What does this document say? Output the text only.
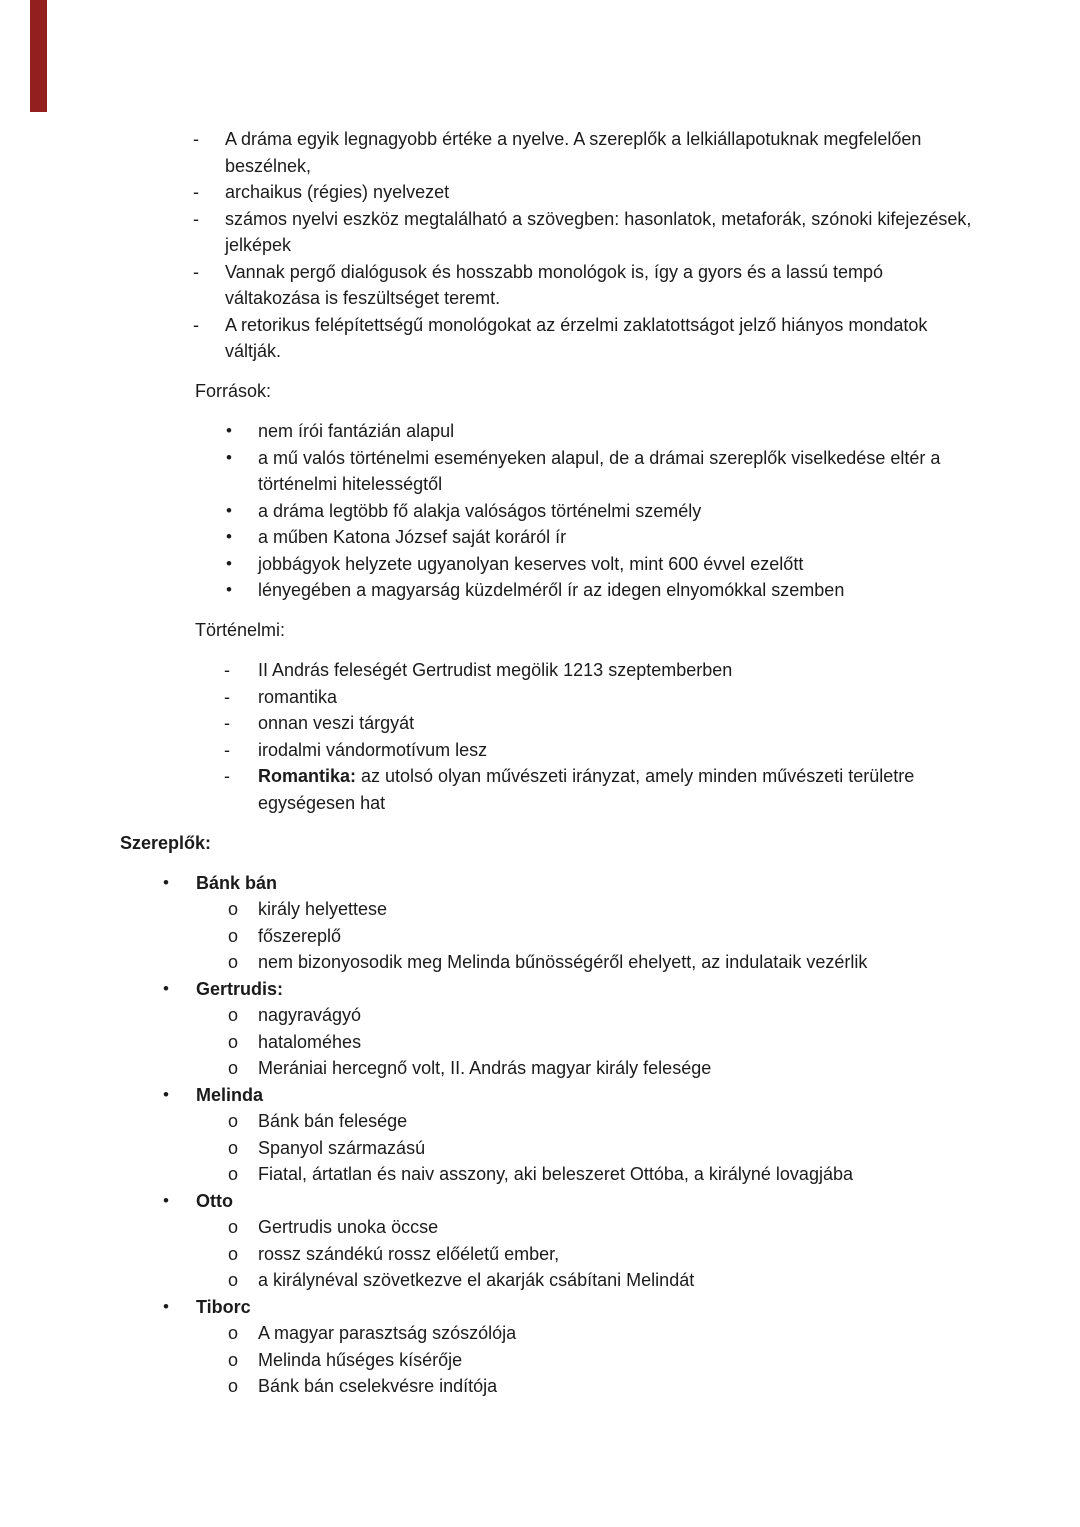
-	A dráma egyik legnagyobb értéke a nyelve. A szereplők a lelkiállapotuknak megfelelően beszélnek,
-	archaikus (régies) nyelvezet
-	számos nyelvi eszköz megtalálható a szövegben: hasonlatok, metaforák, szónoki kifejezések, jelképek
-	Vannak pergő dialógusok és hosszabb monológok is, így a gyors és a lassú tempó váltakozása is feszültséget teremt.
-	A retorikus felépítettségű monológokat az érzelmi zaklatottságot jelző hiányos mondatok váltják.
Források:
•	nem írói fantázián alapul
•	a mű valós történelmi eseményeken alapul, de a drámai szereplők viselkedése eltér a történelmi hitelességtől
•	a dráma legtöbb fő alakja valóságos történelmi személy
•	a műben Katona József saját koráról ír
•	jobbágyok helyzete ugyanolyan keserves volt, mint 600 évvel ezelőtt
•	lényegében a magyarság küzdelméről ír az idegen elnyomókkal szemben
Történelmi:
-	II András feleségét Gertrudist megölik 1213 szeptemberben
-	romantika
-	onnan veszi tárgyát
-	irodalmi vándormotívum lesz
-	Romantika: az utolsó olyan művészeti irányzat, amely minden művészeti területre egységesen hat
Szereplők:
•	Bánk bán
o	király helyettese
o	főszereplő
o	nem bizonyosodik meg Melinda bűnösségéről ehelyett, az indulataik vezérlik
•	Gertrudis:
o	nagyravágyó
o	hataloméhes
o	Merániai hercegnő volt, II. András magyar király felesége
•	Melinda
o	Bánk bán felesége
o	Spanyol származású
o	Fiatal, ártatlan és naiv asszony, aki beleszeret Ottóba, a királyné lovagjába
•	Otto
o	Gertrudis unoka öccse
o	rossz szándékú rossz előéletű ember,
o	a királynéval szövetkezve el akarják csábítani Melindát
•	Tiborc
o	A magyar parasztság szószólója
o	Melinda hűséges kísérője
o	Bánk bán cselekvésre indítója
